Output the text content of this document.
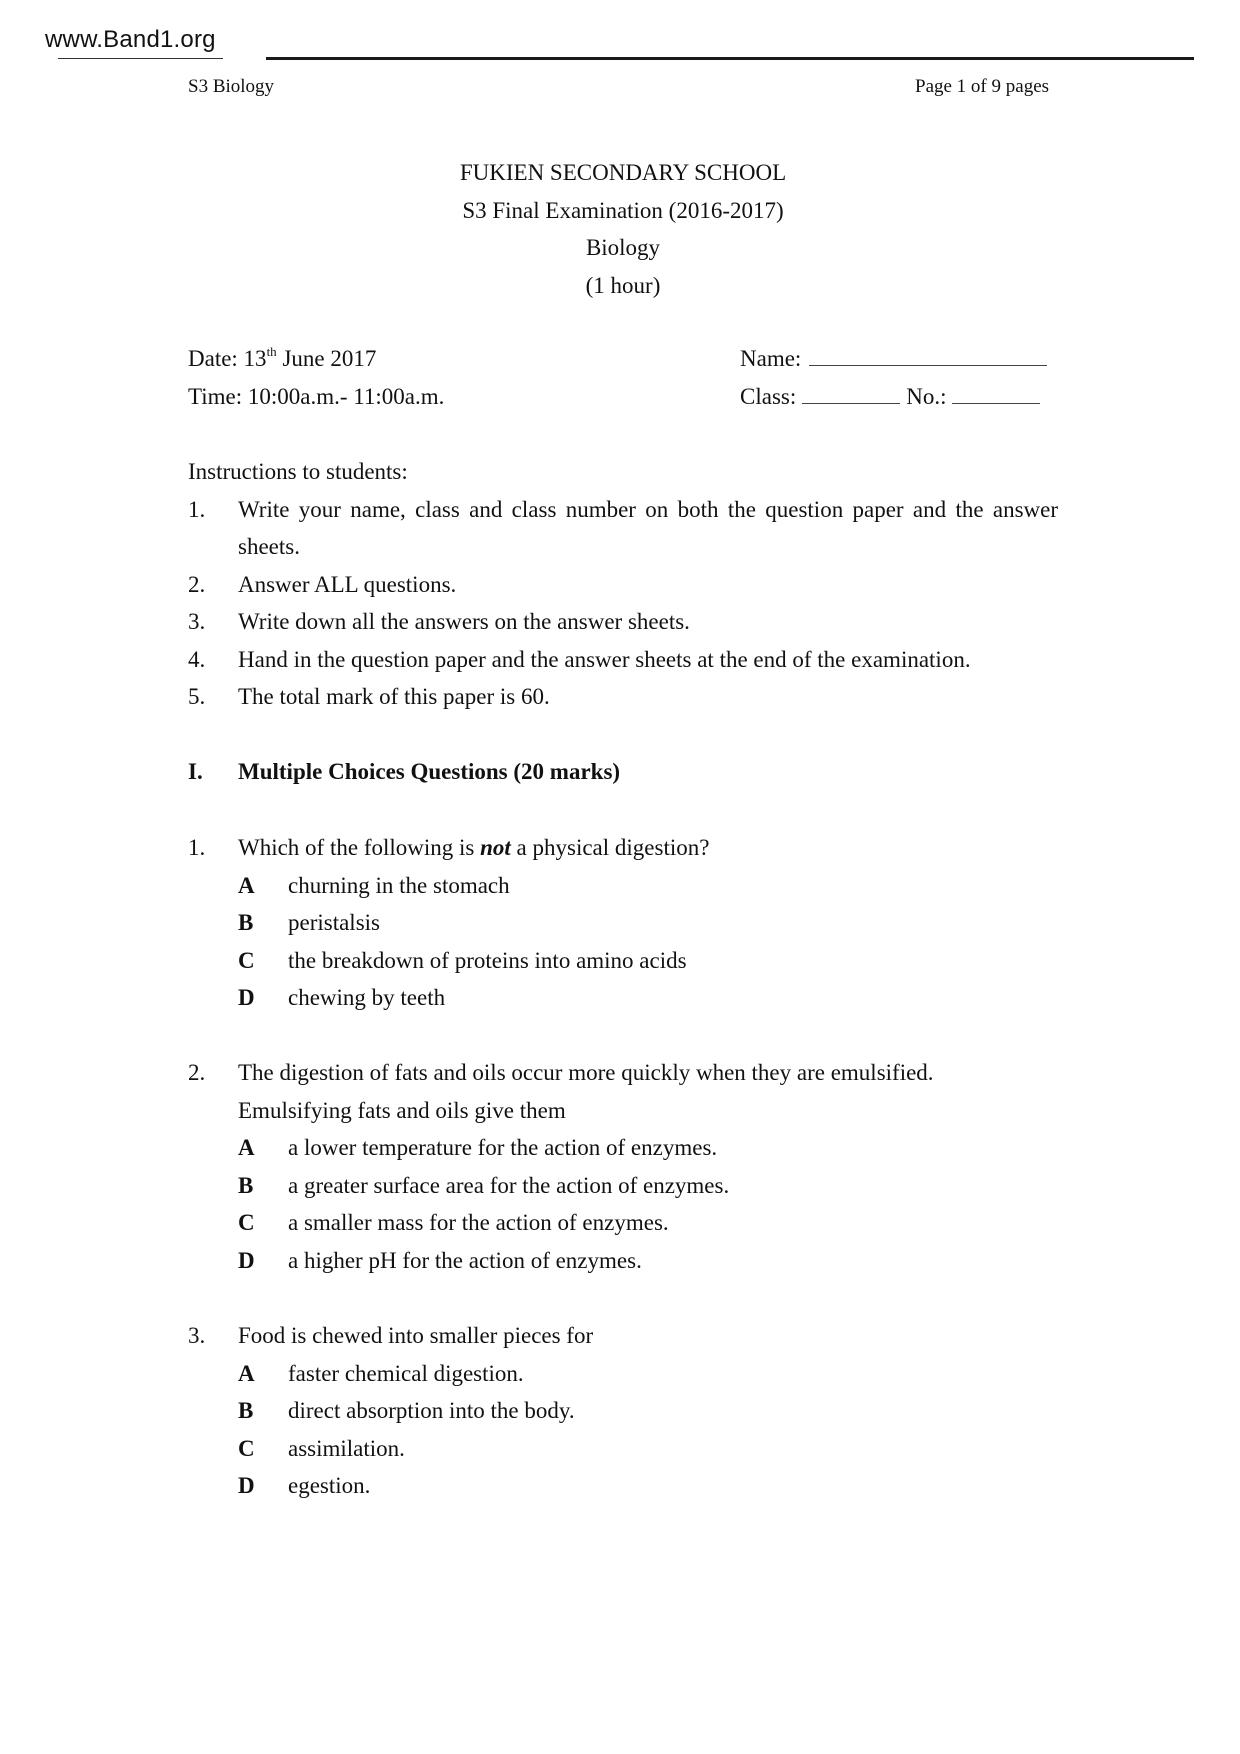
www.Band1.org
S3 Biology	Page 1 of 9 pages
FUKIEN SECONDARY SCHOOL
S3 Final Examination (2016-2017)
Biology
(1 hour)
Date: 13th June 2017
Time: 10:00a.m.- 11:00a.m.
Name:
Class:	No.:
Instructions to students:
1.	Write your name, class and class number on both the question paper and the answer sheets.
2.	Answer ALL questions.
3.	Write down all the answers on the answer sheets.
4.	Hand in the question paper and the answer sheets at the end of the examination.
5.	The total mark of this paper is 60.
I.	Multiple Choices Questions (20 marks)
1.	Which of the following is not a physical digestion?
A	churning in the stomach
B	peristalsis
C	the breakdown of proteins into amino acids
D	chewing by teeth
2.	The digestion of fats and oils occur more quickly when they are emulsified.
Emulsifying fats and oils give them
A	a lower temperature for the action of enzymes.
B	a greater surface area for the action of enzymes.
C	a smaller mass for the action of enzymes.
D	a higher pH for the action of enzymes.
3.	Food is chewed into smaller pieces for
A	faster chemical digestion.
B	direct absorption into the body.
C	assimilation.
D	egestion.
